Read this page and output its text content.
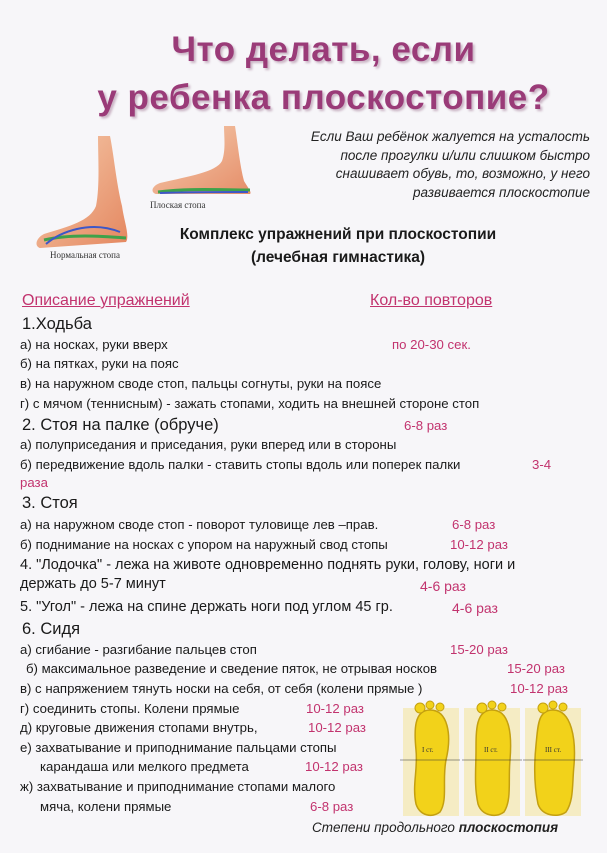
Что делать, если
у ребенка плоскостопие?
Плоская стопа
Нормальная стопа
Если Ваш ребёнок жалуется на усталость
после прогулки и/или слишком быстро
снашивает обувь, то, возможно, у него
развивается плоскостопие
Комплекс упражнений при плоскостопии
(лечебная гимнастика)
Описание упражнений	Кол-во повторов
1.Ходьба
а) на носках, руки вверх	по 20-30 сек.
б) на пятках, руки на пояс
в) на наружном своде стоп, пальцы согнуты, руки на поясе
г) с мячом (теннисным) - зажать стопами, ходить на внешней стороне стоп
2. Стоя на палке (обруче)	6-8 раз
а) полуприседания и приседания, руки вперед или в стороны
б) передвижение вдоль палки - ставить стопы вдоль или поперек палки	3-4
раза
3. Стоя
а) на наружном своде стоп - поворот туловище лев –прав.	6-8 раз
б) поднимание на носках с упором на наружный свод стопы	10-12 раз
4. "Лодочка" - лежа на животе одновременно поднять руки, голову, ноги и
держать до 5-7 минут	4-6 раз
5. "Угол" - лежа на спине держать ноги под углом 45 гр.	4-6 раз
6. Сидя
а) сгибание - разгибание пальцев стоп	15-20 раз
б) максимальное разведение и сведение пяток, не отрывая носков	15-20 раз
в) с напряжением тянуть носки на себя, от себя (колени прямые )	10-12 раз
г) соединить стопы. Колени прямые	10-12 раз
д) круговые движения стопами внутрь,	10-12 раз
е) захватывание и приподнимание пальцами стопы
карандаша или мелкого предмета	10-12 раз
ж) захватывание и приподнимание стопами малого
мяча, колени прямые	6-8 раз
I ст.	II ст.	III ст.
Степени продольного плоскостопия
